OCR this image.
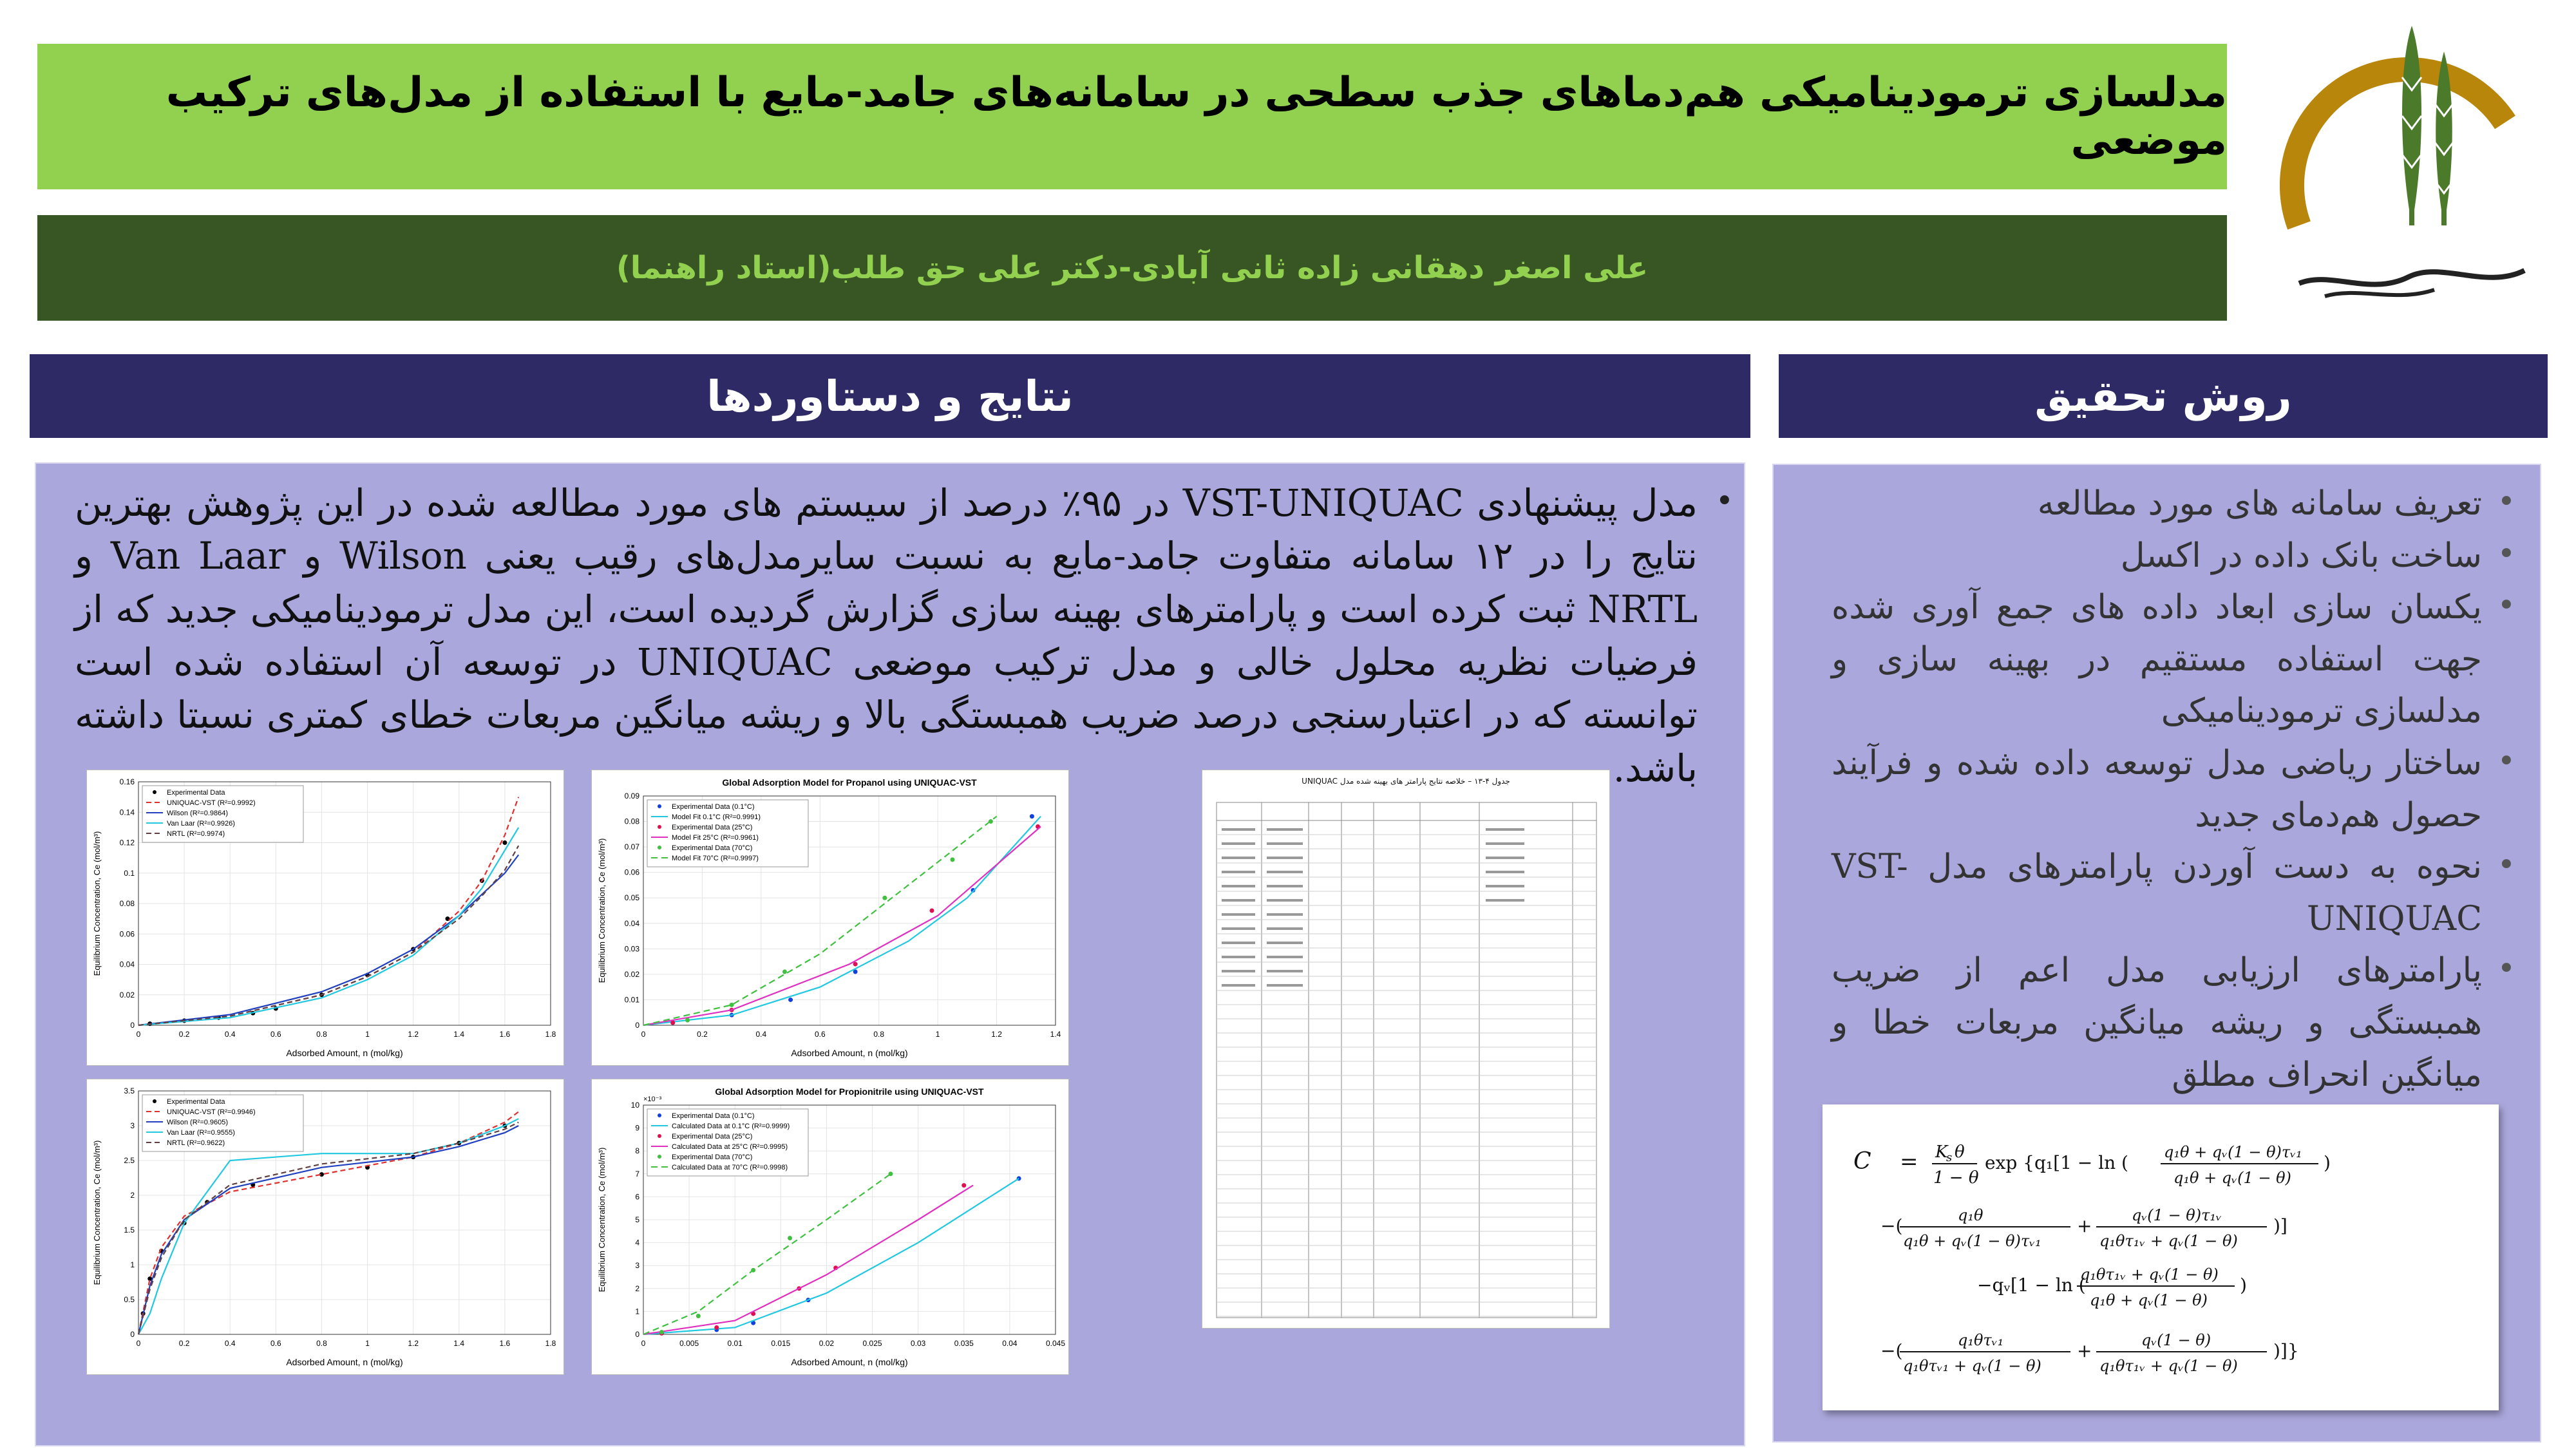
مدلسازی ترمودینامیکی هم‌دماهای جذب سطحی در سامانه‌های جامد-مایع با استفاده از مدل‌های ترکیب موضعی
علی اصغر دهقانی زاده ثانی آبادی-دکتر علی حق طلب(استاد راهنما)
نتایج و دستاوردها	روش تحقیق
•

مدل پیشنهادی VST-UNIQUAC در ۹۵٪ درصد از سیستم های مورد مطالعه شده در این پژوهش بهترین نتایج را در ۱۲ سامانه متفاوت جامد-مایع به نسبت سایرمدل‌های رقیب یعنی Wilson و Van Laar و NRTL ثبت کرده است و پارامترهای بهینه سازی گزارش گردیده است، این مدل ترمودینامیکی جدید که از فرضیات نظریه محلول خالی و مدل ترکیب موضعی UNIQUAC در توسعه آن استفاده شده است توانسته که در اعتبارسنجی درصد ضریب همبستگی بالا و ریشه میانگین مربعات خطای کمتری نسبتا داشته باشد.

0	0.2	0.4	0.6	0.8	1	1.2	1.4	1.6	1.8
0
0.02
0.04
0.06
0.08
0.1
0.12
0.14
0.16
Adsorbed Amount, n (mol/kg)
Equilibrium Concentration, Ce (mol/m³)
Experimental Data
UNIQUAC-VST (R²=0.9992)
Wilson (R²=0.9864)
Van Laar (R²=0.9926)
NRTL (R²=0.9974)
Global Adsorption Model for Propanol using UNIQUAC-VST
0	0.2	0.4	0.6	0.8	1	1.2	1.4
0
0.01
0.02
0.03
0.04
0.05
0.06
0.07
0.08
0.09
Adsorbed Amount, n (mol/kg)
Equilibrium Concentration, Ce (mol/m³)
Experimental Data (0.1°C)
Model Fit 0.1°C (R²=0.9991)
Experimental Data (25°C)
Model Fit 25°C (R²=0.9961)
Experimental Data (70°C)
Model Fit 70°C (R²=0.9997)
0	0.2	0.4	0.6	0.8	1	1.2	1.4	1.6	1.8
0
0.5
1
1.5
2
2.5
3
3.5
Adsorbed Amount, n (mol/kg)
Equilibrium Concentration, Ce (mol/m³)
Experimental Data
UNIQUAC-VST (R²=0.9946)
Wilson (R²=0.9605)
Van Laar (R²=0.9555)
NRTL (R²=0.9622)
Global Adsorption Model for Propionitrile using UNIQUAC-VST
0	0.005	0.01	0.015	0.02	0.025	0.03	0.035	0.04	0.045
0
1
2
3
4
5
6
7
8
9
10
Adsorbed Amount, n (mol/kg)
Equilibrium Concentration, Ce (mol/m³)
×10⁻³
Experimental Data (0.1°C)
Calculated Data at 0.1°C (R²=0.9999)
Experimental Data (25°C)
Calculated Data at 25°C (R²=0.9995)
Experimental Data (70°C)
Calculated Data at 70°C (R²=0.9998)
جدول ۴-۱۳ – خلاصه نتایج پارامتر های بهینه شده مدل UNIQUAC
• تعریف سامانه های مورد مطالعه
• ساخت بانک داده در اکسل
• یکسان سازی ابعاد داده های جمع آوری شده جهت استفاده مستقیم در بهینه سازی و مدلسازی ترمودینامیکی
• ساختار ریاضی مدل توسعه داده شده و فرآیند حصول هم‌دمای جدید
• نحوه به دست آوردن پارامترهای مدل VST-UNIQUAC
• پارامترهای ارزیابی مدل اعم از ضریب همبستگی و ریشه میانگین مربعات خطا و میانگین انحراف مطلق
C = K
s θ
1 − θ
exp {q₁[1 − ln ( q₁θ + qᵥ(1 − θ)τᵥ₁
q₁θ + qᵥ(1 − θ)
)
−(	q₁θ
q₁θ + qᵥ(1 − θ)τᵥ₁
+	qᵥ(1 − θ)τ₁ᵥ
q₁θτ₁ᵥ + qᵥ(1 − θ)
)]
−qᵥ[1 − ln (
q₁θτ₁ᵥ + qᵥ(1 − θ)
q₁θ + qᵥ(1 − θ)
)
−(	q₁θτᵥ₁
q₁θτᵥ₁ + qᵥ(1 − θ)
+	qᵥ(1 − θ)
q₁θτ₁ᵥ + qᵥ(1 − θ)
)]}
